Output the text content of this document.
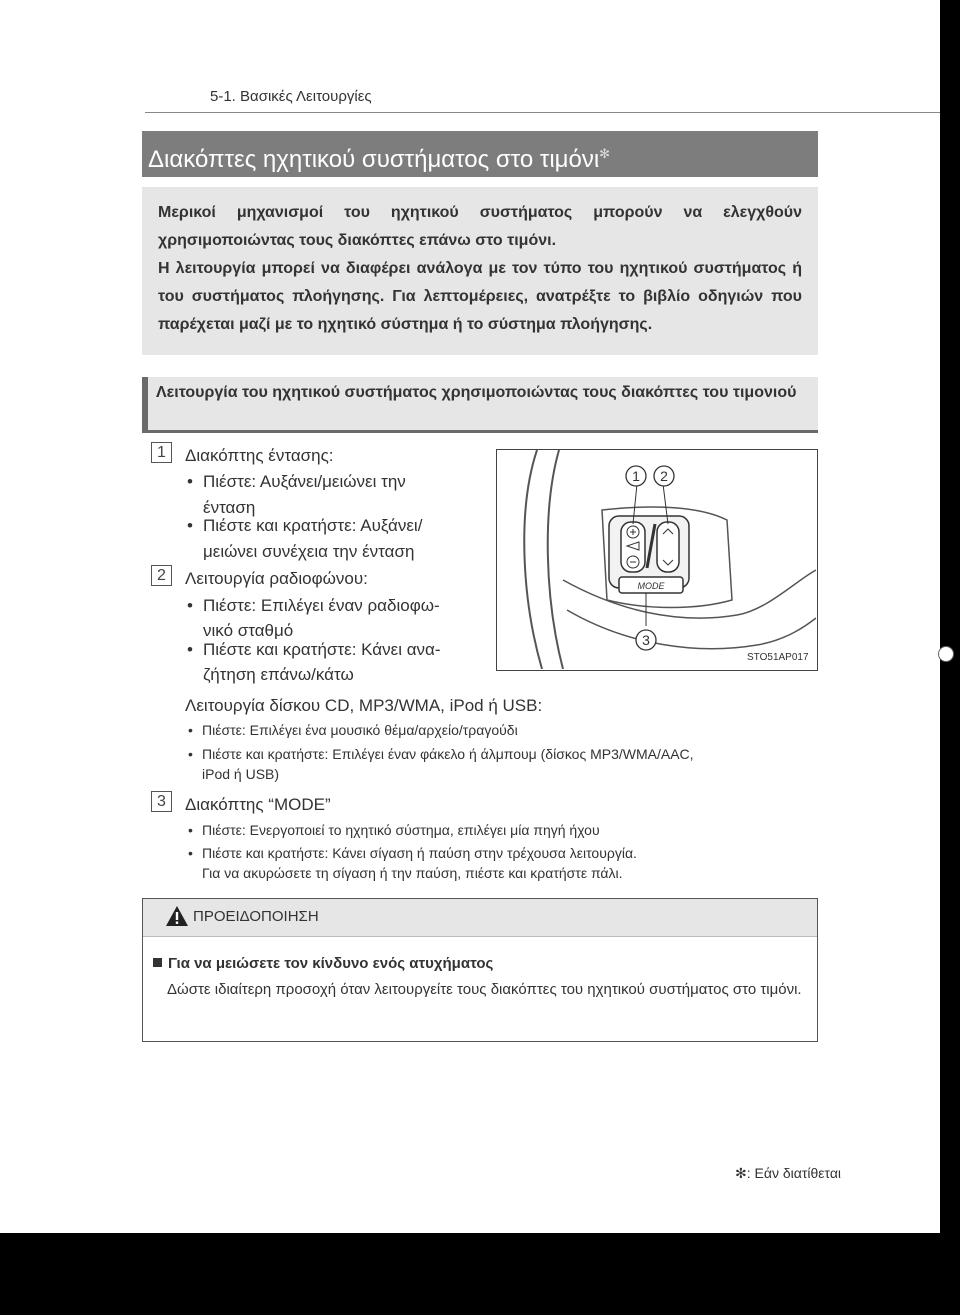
5-1. Βασικές Λειτουργίες
Διακόπτες ηχητικού συστήματος στο τιμόνι✻
Μερικοί μηχανισμοί του ηχητικού συστήματος μπορούν να ελεγχθούν χρησιμοποιώντας τους διακόπτες επάνω στο τιμόνι.
Η λειτουργία μπορεί να διαφέρει ανάλογα με τον τύπο του ηχητικού συστήματος ή του συστήματος πλοήγησης. Για λεπτομέρειες, ανατρέξτε το βιβλίο οδηγιών που παρέχεται μαζί με το ηχητικό σύστημα ή το σύστημα πλοήγησης.
Λειτουργία του ηχητικού συστήματος χρησιμοποιώντας τους διακόπτες του τιμονιού
1	Διακόπτης έντασης:
• Πιέστε: Αυξάνει/μειώνει την
ένταση
• Πιέστε και κρατήστε: Αυξάνει/
μειώνει συνέχεια την ένταση
2	Λειτουργία ραδιοφώνου:
• Πιέστε: Επιλέγει έναν ραδιοφω-
νικό σταθμό
• Πιέστε και κρατήστε: Κάνει ανα-
ζήτηση επάνω/κάτω
Λειτουργία δίσκου CD, MP3/WMA, iPod ή USB:
• Πιέστε: Επιλέγει ένα μουσικό θέμα/αρχείο/τραγούδι
• Πιέστε και κρατήστε: Επιλέγει έναν φάκελο ή άλμπουμ (δίσκος MP3/WMA/AAC,
iPod ή USB)
3	Διακόπτης “MODE”
• Πιέστε: Ενεργοποιεί το ηχητικό σύστημα, επιλέγει μία πηγή ήχου
• Πιέστε και κρατήστε: Κάνει σίγαση ή παύση στην τρέχουσα λειτουργία.
Για να ακυρώσετε τη σίγαση ή την παύση, πιέστε και κρατήστε πάλι.
MODE
1 2
3
STO51AP017
ΠΡΟΕΙΔΟΠΟΙΗΣΗ
Για να μειώσετε τον κίνδυνο ενός ατυχήματος
Δώστε ιδιαίτερη προσοχή όταν λειτουργείτε τους διακόπτες του ηχητικού συστήματος στο τιμόνι.
✻: Εάν διατίθεται
